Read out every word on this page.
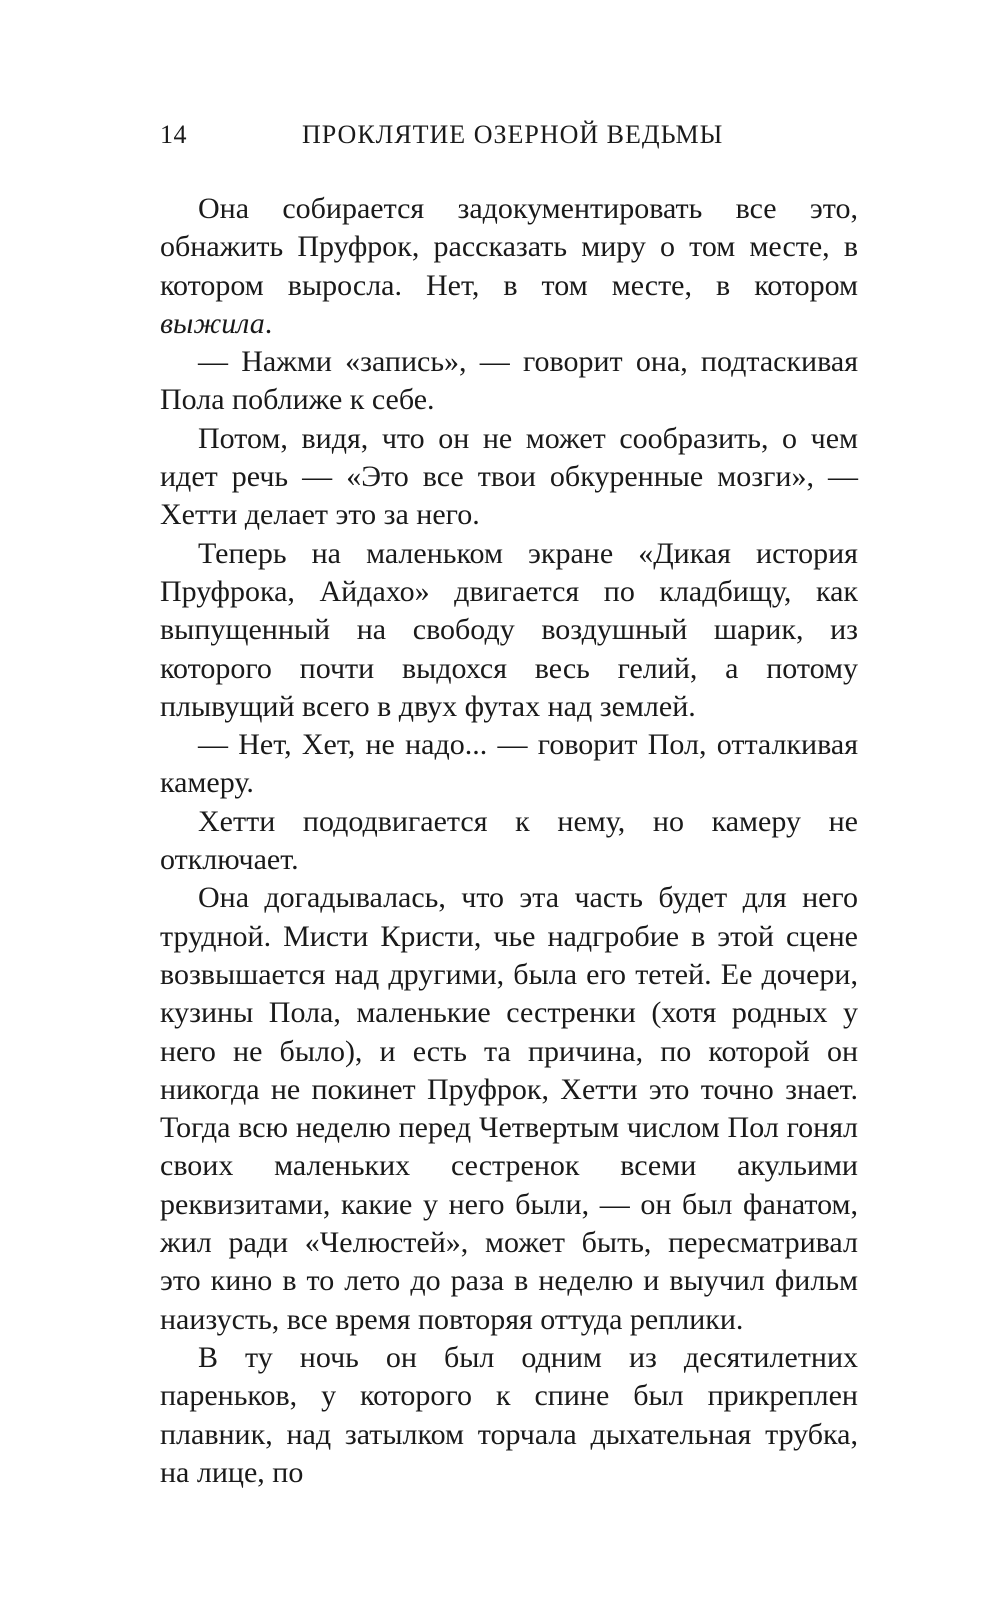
14	ПРОКЛЯТИЕ ОЗЕРНОЙ ВЕДЬМЫ

Она собирается задокументировать все это, обнажить Пруфрок, рассказать миру о том месте, в котором выросла. Нет, в том месте, в котором выжила.

— Нажми «запись», — говорит она, подтаскивая Пола поближе к себе.

Потом, видя, что он не может сообразить, о чем идет речь — «Это все твои обкуренные мозги», — Хетти делает это за него.

Теперь на маленьком экране «Дикая история Пруфрока, Айдахо» двигается по кладбищу, как выпущенный на свободу воздушный шарик, из которого почти выдохся весь гелий, а потому плывущий всего в двух футах над землей.

— Нет, Хет, не надо... — говорит Пол, отталкивая камеру.

Хетти пододвигается к нему, но камеру не отключает.

Она догадывалась, что эта часть будет для него трудной. Мисти Кристи, чье надгробие в этой сцене возвышается над другими, была его тетей. Ее дочери, кузины Пола, маленькие сестренки (хотя родных у него не было), и есть та причина, по которой он никогда не покинет Пруфрок, Хетти это точно знает. Тогда всю неделю перед Четвертым числом Пол гонял своих маленьких сестренок всеми акульими реквизитами, какие у него были, — он был фанатом, жил ради «Челюстей», может быть, пересматривал это кино в то лето до раза в неделю и выучил фильм наизусть, все время повторяя оттуда реплики.

В ту ночь он был одним из десятилетних пареньков, у которого к спине был прикреплен плавник, над затылком торчала дыхательная трубка, на лице, по
